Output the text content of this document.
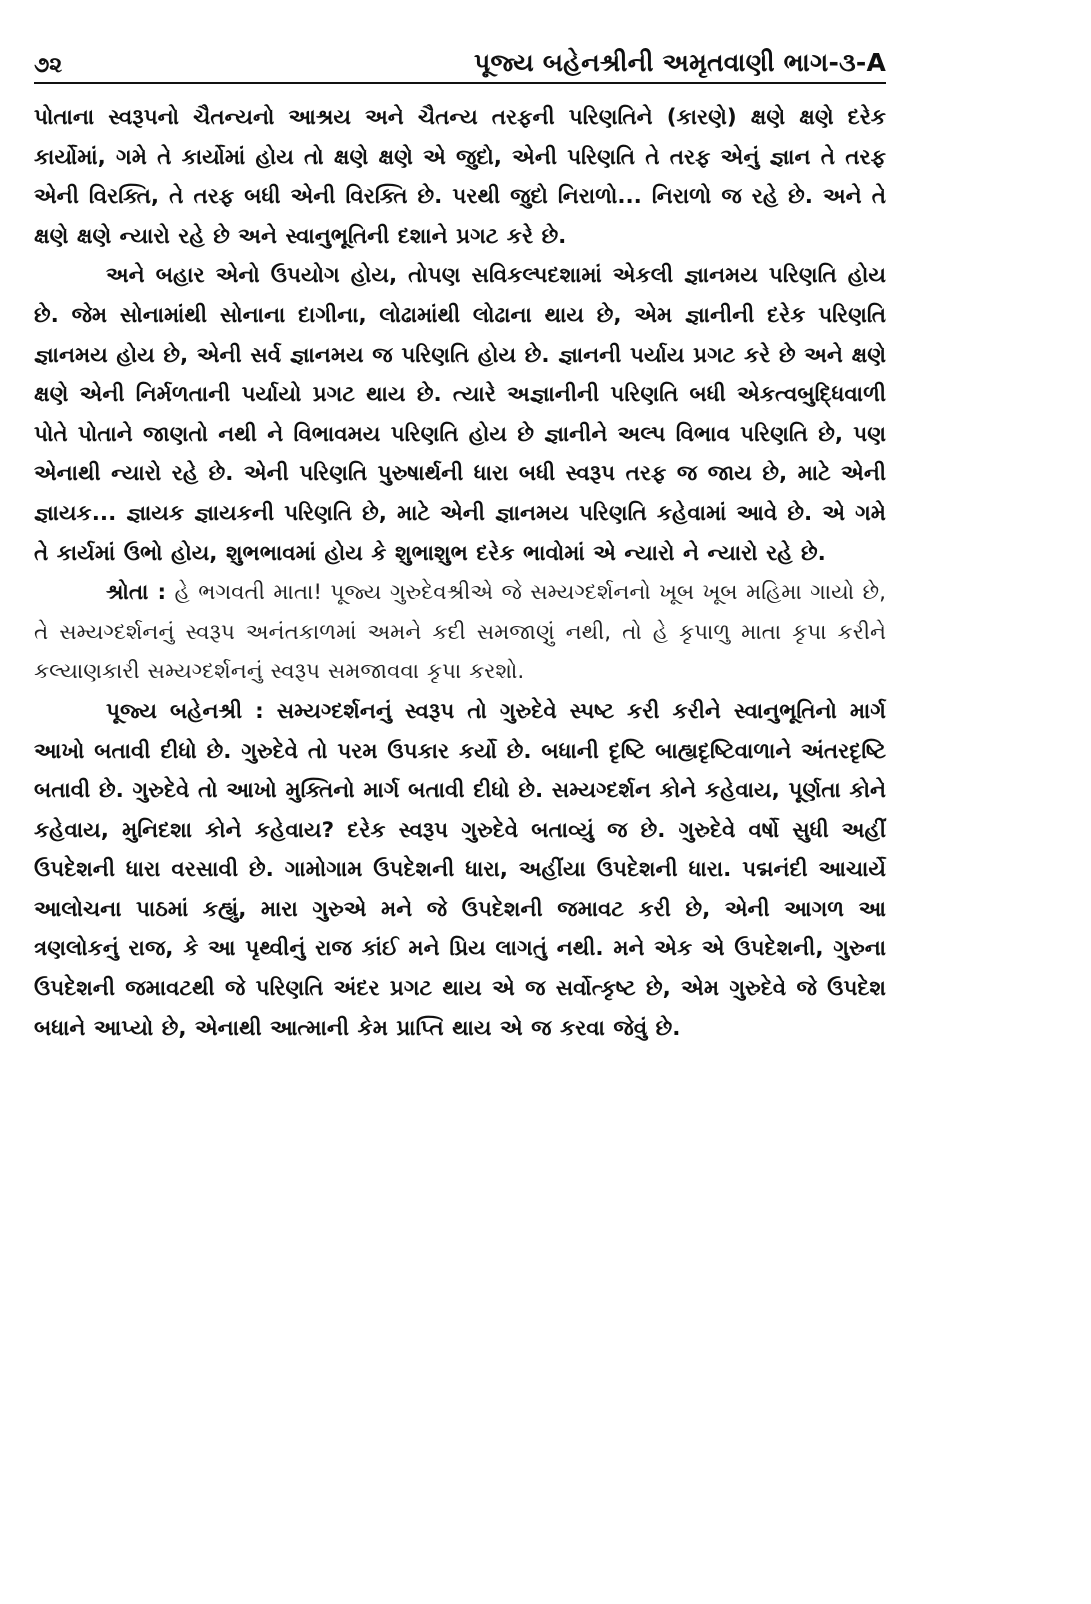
૭૨	પૂજ્ય બહેનશ્રીની અમૃતવાણી ભાગ-૩-A

પોતાના સ્વરૂપનો ચૈતન્યનો આશ્રય અને ચૈતન્ય તરફની પરિણતિને (કારણે) ક્ષણે ક્ષણે દરેક કાર્યોમાં, ગમે તે કાર્યોમાં હોય તો ક્ષણે ક્ષણે એ જુદો, એની પરિણતિ તે તરફ એનું જ્ઞાન તે તરફ એની વિરક્તિ, તે તરફ બધી એની વિરક્તિ છે. પરથી જુદો નિરાળો... નિરાળો જ રહે છે. અને તે ક્ષણે ક્ષણે ન્યારો રહે છે અને સ્વાનુભૂતિની દશાને પ્રગટ કરે છે.

અને બહાર એનો ઉપયોગ હોય, તોપણ સવિકલ્પદશામાં એકલી જ્ઞાનમય પરિણતિ હોય છે. જેમ સોનામાંથી સોનાના દાગીના, લોઢામાંથી લોઢાના થાય છે, એમ જ્ઞાનીની દરેક પરિણતિ જ્ઞાનમય હોય છે, એની સર્વ જ્ઞાનમય જ પરિણતિ હોય છે. જ્ઞાનની પર્યાય પ્રગટ કરે છે અને ક્ષણે ક્ષણે એની નિર્મળતાની પર્યાયો પ્રગટ થાય છે. ત્યારે અજ્ઞાનીની પરિણતિ બધી એકત્વબુદ્ધિવાળી પોતે પોતાને જાણતો નથી ને વિભાવમય પરિણતિ હોય છે જ્ઞાનીને અલ્પ વિભાવ પરિણતિ છે, પણ એનાથી ન્યારો રહે છે. એની પરિણતિ પુરુષાર્થની ધારા બધી સ્વરૂપ તરફ જ જાય છે, માટે એની જ્ઞાયક... જ્ઞાયક જ્ઞાયકની પરિણતિ છે, માટે એની જ્ઞાનમય પરિણતિ કહેવામાં આવે છે. એ ગમે તે કાર્યમાં ઉભો હોય, શુભભાવમાં હોય કે શુભાશુભ દરેક ભાવોમાં એ ન્યારો ને ન્યારો રહે છે.

શ્રોતા : હે ભગવતી માતા! પૂજ્ય ગુરુદેવશ્રીએ જે સમ્યગ્દર્શનનો ખૂબ ખૂબ મહિમા ગાયો છે, તે સમ્યગ્દર્શનનું સ્વરૂપ અનંતકાળમાં અમને કદી સમજાણું નથી, તો હે કૃપાળુ માતા કૃપા કરીને કલ્યાણકારી સમ્યગ્દર્શનનું સ્વરૂપ સમજાવવા કૃપા કરશો.

પૂજ્ય બહેનશ્રી : સમ્યગ્દર્શનનું સ્વરૂપ તો ગુરુદેવે સ્પષ્ટ કરી કરીને સ્વાનુભૂતિનો માર્ગ આખો બતાવી દીધો છે. ગુરુદેવે તો પરમ ઉપકાર કર્યો છે. બધાની દૃષ્ટિ બાહ્યદૃષ્ટિવાળાને અંતરદૃષ્ટિ બતાવી છે. ગુરુદેવે તો આખો મુક્તિનો માર્ગ બતાવી દીધો છે. સમ્યગ્દર્શન કોને કહેવાય, પૂર્ણતા કોને કહેવાય, મુનિદશા કોને કહેવાય? દરેક સ્વરૂપ ગુરુદેવે બતાવ્યું જ છે. ગુરુદેવે વર્ષો સુધી અહીં ઉપદેશની ધારા વરસાવી છે. ગામોગામ ઉપદેશની ધારા, અહીંયા ઉપદેશની ધારા. પદ્મનંદી આચાર્યે આલોચના પાઠમાં કહ્યું, મારા ગુરુએ મને જે ઉપદેશની જમાવટ કરી છે, એની આગળ આ ત્રણલોકનું રાજ, કે આ પૃથ્વીનું રાજ કાંઈ મને પ્રિય લાગતું નથી. મને એક એ ઉપદેશની, ગુરુના ઉપદેશની જમાવટથી જે પરિણતિ અંદર પ્રગટ થાય એ જ સર્વોત્કૃષ્ટ છે, એમ ગુરુદેવે જે ઉપદેશ બધાને આપ્યો છે, એનાથી આત્માની કેમ પ્રાપ્તિ થાય એ જ કરવા જેવું છે.
